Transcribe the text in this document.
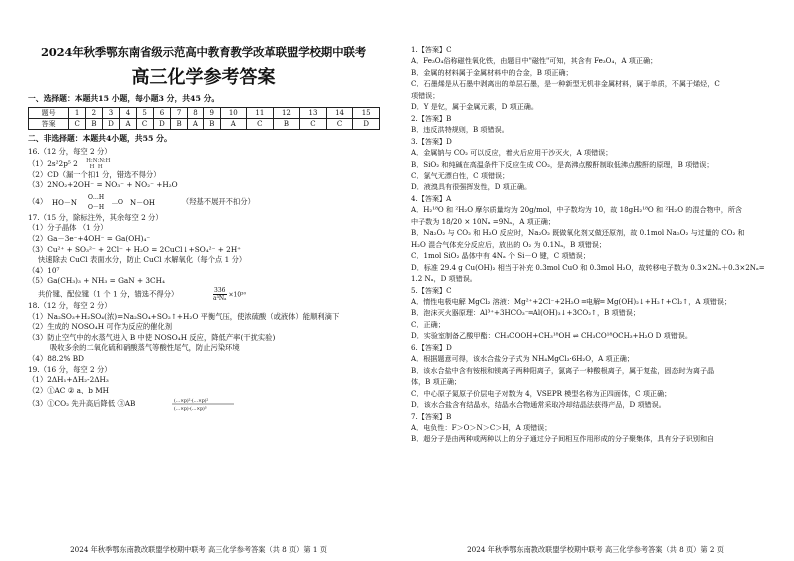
2024年秋季鄂东南省级示范高中教育教学改革联盟学校期中联考
高三化学参考答案
一、选择题：本题共15 小题，每小题3 分，共45 分。
题号	1	2	3	4	5	6	7	8	9	10	11	12	13	14	15
答案	C	B	D	A	C	D	B	A	B	A	C	B	C	C	D
二、非选择题：本题共4小题，共55 分。
16.（12 分，每空 2 分）
（1）2s²2p⁵ 2 H:N:N:H
H  H
（2）CD（漏一个扣1 分，错选不得分）
（3）2NO₂+2OH⁻ = NO₃⁻ + NO₂⁻ +H₂O
（4） HO－N
O…H
O－H
…O N－OH	（羟基不展开不扣分）
17.（15 分，除标注外，其余每空 2 分）
（1）分子晶体 （1 分）
（2）Ga－3e⁻+4OH⁻ = Ga(OH)₄⁻
（3）Cu²⁺ + SO₃²⁻ + 2Cl⁻ + H₂O = 2CuCl↓+SO₄²⁻ + 2H⁺
快速除去 CuCl 表面水分，防止 CuCl 水解氧化（每个点 1 分）
（4）10⁷
（5）Ga(CH₃)₃ + NH₃ = GaN + 3CH₄
共价键、配位键（1 个 1 分，错选不得分）	$\frac{336}{\text{a³Nₐ}} \times 10^{30}$
18.（12 分，每空 2 分）
（1）Na₂SO₃+H₂SO₄(浓)=Na₂SO₄+SO₂↑+H₂O 平衡气压，使浓硫酸（或液体）能顺利滴下
（2）生成的 NOSO₄H 可作为反应的催化剂
（3）防止空气中的水蒸气进入 B 中使 NOSO₄H 反应，降低产率(干扰实验)
吸收多余的二氧化硫和硝酸蒸气等酸性尾气，防止污染环境
（4）88.2% BD
19.（16 分，每空 2 分）
（1）2ΔH₁+ΔH₂-2ΔH₃
（2）①AC ② a、b MH
（3）①CO₂ 先升高后降低 ③AB	(…×p)²·(…×p)²
(…×p)·(…×p)³
2024 年秋季鄂东南教改联盟学校期中联考 高三化学参考答案（共 8 页）第 1 页
1.【答案】C
A．Fe₃O₄俗称磁性氧化铁，由题目中"磁性"可知，其含有 Fe₃O₄，A 项正确；
B．金属的材料属于金属材料中的合金，B 项正确；
C．石墨烯是从石墨中剥离出的单层石墨，是一种新型无机非金属材料，属于单质，不属于烯烃，C
项错误；
D．Y 是钇，属于金属元素，D 项正确。
2.【答案】B
B．违反洪特规则，B 项错误。
3.【答案】D
A．金属钠与 CO₂ 可以反应，着火后应用干沙灭火，A 项错误；
B．SiO₂ 和纯碱在高温条件下反应生成 CO₂，是高沸点酸酐制取低沸点酸酐的原理，B 项错误；
C．氯气无漂白性，C 项错误；
D．液溴具有很强挥发性，D 项正确。
4.【答案】A
A．H₂¹⁸O 和 ²H₂O 摩尔质量均为 20g/mol，中子数均为 10，故 18gH₂¹⁸O 和 ²H₂O 的混合物中，所含
中子数为 18/20 × 10Nₐ =9Nₐ，A 项正确；
B．Na₂O₂ 与 CO₂ 和 H₂O 反应时，Na₂O₂ 既做氧化剂又做还原剂，故 0.1mol Na₂O₂ 与过量的 CO₂ 和
H₂O 混合气体充分反应后，放出的 O₂ 为 0.1Nₐ，B 项错误；
C．1mol SiO₂ 晶体中有 4Nₐ 个 Si－O 键，C 项错误；
D．标准 29.4 g Cu(OH)₂ 相当于补充 0.3mol CuO 和 0.3mol H₂O，故转移电子数为 0.3×2Nₐ＋0.3×2Nₐ=
1.2 Nₐ，D 项错误。
5.【答案】C
A．惰性电极电解 MgCl₂ 溶液：Mg²⁺+2Cl⁻+2H₂O ═电解═ Mg(OH)₂↓+H₂↑+Cl₂↑，A 项错误；
B．泡沫灭火器原理：Al³⁺+3HCO₃⁻═Al(OH)₃↓+3CO₂↑，B 项错误；
C．正确；
D．实验室制备乙酸甲酯：CH₃COOH+CH₃¹⁸OH ⇌ CH₃CO¹⁸OCH₃+H₂O D 项错误。
6.【答案】D
A．根据题意可得，该水合盐分子式为 NH₄MgCl₃·6H₂O，A 项正确；
B．该水合盐中含有铵根和镁离子两种阳离子，氯离子一种酸根离子，属于复盐，固态时为离子晶
体，B 项正确；
C．中心原子氮原子价层电子对数为 4，VSEPR 模型名称为正四面体，C 项正确；
D．该水合盐含有结晶水，结晶水合物通常采取冷却结晶法获得产品，D 项错误。
7.【答案】B
A．电负性：F＞O＞N＞C＞H，A 项错误；
B．超分子是由两种或两种以上的分子通过分子间相互作用形成的分子聚集体，具有分子识别和自
2024 年秋季鄂东南教改联盟学校期中联考 高三化学参考答案（共 8 页）第 2 页
